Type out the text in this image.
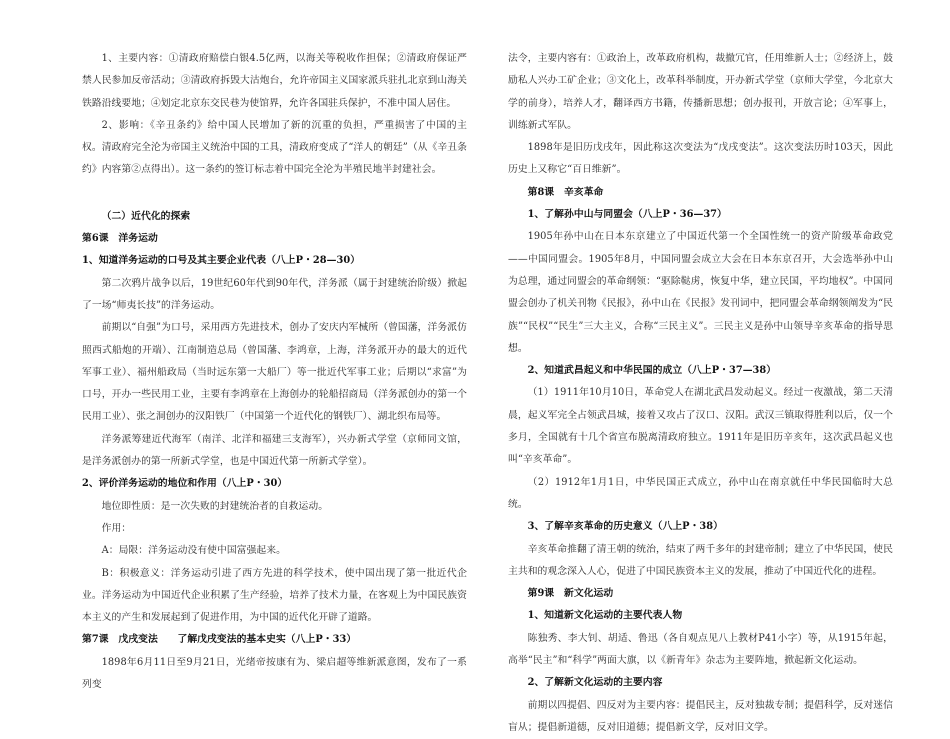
1、主要内容：①清政府赔偿白银4.5亿两，以海关等税收作担保；②清政府保证严禁人民参加反帝活动；③清政府拆毁大沽炮台，允许帝国主义国家派兵驻扎北京到山海关铁路沿线要地；④划定北京东交民巷为使馆界，允许各国驻兵保护，不准中国人居住。

2、影响：《辛丑条约》给中国人民增加了新的沉重的负担，严重损害了中国的主权。清政府完全沦为帝国主义统治中国的工具，清政府变成了“洋人的朝廷”（从《辛丑条约》内容第②点得出）。这一条约的签订标志着中国完全沦为半殖民地半封建社会。

（二）近代化的探索

第6课　洋务运动

1、知道洋务运动的口号及其主要企业代表（八上P・28—30）

第二次鸦片战争以后，19世纪60年代到90年代，洋务派（属于封建统治阶级）掀起了一场“师夷长技”的洋务运动。

前期以“自强”为口号，采用西方先进技术，创办了安庆内军械所（曾国藩，洋务派仿照西式船炮的开端）、江南制造总局（曾国藩、李鸿章，上海，洋务派开办的最大的近代军事工业）、福州船政局（当时远东第一大船厂）等一批近代军事工业；后期以“求富”为口号，开办一些民用工业，主要有李鸿章在上海创办的轮船招商局（洋务派创办的第一个民用工业）、张之洞创办的汉阳铁厂（中国第一个近代化的钢铁厂）、湖北织布局等。

洋务派筹建近代海军（南洋、北洋和福建三支海军），兴办新式学堂（京师同文馆，是洋务派创办的第一所新式学堂，也是中国近代第一所新式学堂）。

2、评价洋务运动的地位和作用（八上P・30）

地位即性质：是一次失败的封建统治者的自救运动。

作用：

A：局限：洋务运动没有使中国富强起来。

B：积极意义：洋务运动引进了西方先进的科学技术，使中国出现了第一批近代企业。洋务运动为中国近代企业积累了生产经验，培养了技术力量，在客观上为中国民族资本主义的产生和发展起到了促进作用，为中国的近代化开辟了道路。

第7课　戊戌变法　　了解戊戌变法的基本史实（八上P・33）

1898年6月11日至9月21日，光绪帝按康有为、梁启超等维新派意图，发布了一系列变

法令，主要内容有：①政治上，改革政府机构，裁撤冗官，任用维新人士；②经济上，鼓励私人兴办工矿企业；③文化上，改革科举制度，开办新式学堂（京师大学堂，今北京大学的前身），培养人才，翻译西方书籍，传播新思想；创办报刊，开放言论；④军事上，训练新式军队。

1898年是旧历戊戌年，因此称这次变法为“戊戌变法”。这次变法历时103天，因此历史上又称它“百日维新”。

第8课　辛亥革命

1、了解孙中山与同盟会（八上P・36—37）

1905年孙中山在日本东京建立了中国近代第一个全国性统一的资产阶级革命政党——中国同盟会。1905年8月，中国同盟会成立大会在日本东京召开，大会选举孙中山为总理，通过同盟会的革命纲领：“驱除鞑虏，恢复中华，建立民国，平均地权”。中国同盟会创办了机关刊物《民报》，孙中山在《民报》发刊词中，把同盟会革命纲领阐发为“民族”“民权”“民生”三大主义，合称“三民主义”。三民主义是孙中山领导辛亥革命的指导思想。

2、知道武昌起义和中华民国的成立（八上P・37—38）

（1）1911年10月10日，革命党人在湖北武昌发动起义。经过一夜激战，第二天清晨，起义军完全占领武昌城，接着又攻占了汉口、汉阳。武汉三镇取得胜利以后，仅一个多月，全国就有十几个省宣布脱离清政府独立。1911年是旧历辛亥年，这次武昌起义也叫“辛亥革命”。

（2）1912年1月1日，中华民国正式成立，孙中山在南京就任中华民国临时大总统。

3、了解辛亥革命的历史意义（八上P・38）

辛亥革命推翻了清王朝的统治，结束了两千多年的封建帝制；建立了中华民国，使民主共和的观念深入人心，促进了中国民族资本主义的发展，推动了中国近代化的进程。

第9课　新文化运动

1、知道新文化运动的主要代表人物

陈独秀、李大钊、胡适、鲁迅（各自观点见八上教材P41小字）等，从1915年起，高举“民主”和“科学”两面大旗，以《新青年》杂志为主要阵地，掀起新文化运动。

2、了解新文化运动的主要内容

前期以四提倡、四反对为主要内容：提倡民主，反对独裁专制；提倡科学，反对迷信盲从；提倡新道德，反对旧道德；提倡新文学，反对旧文学。
